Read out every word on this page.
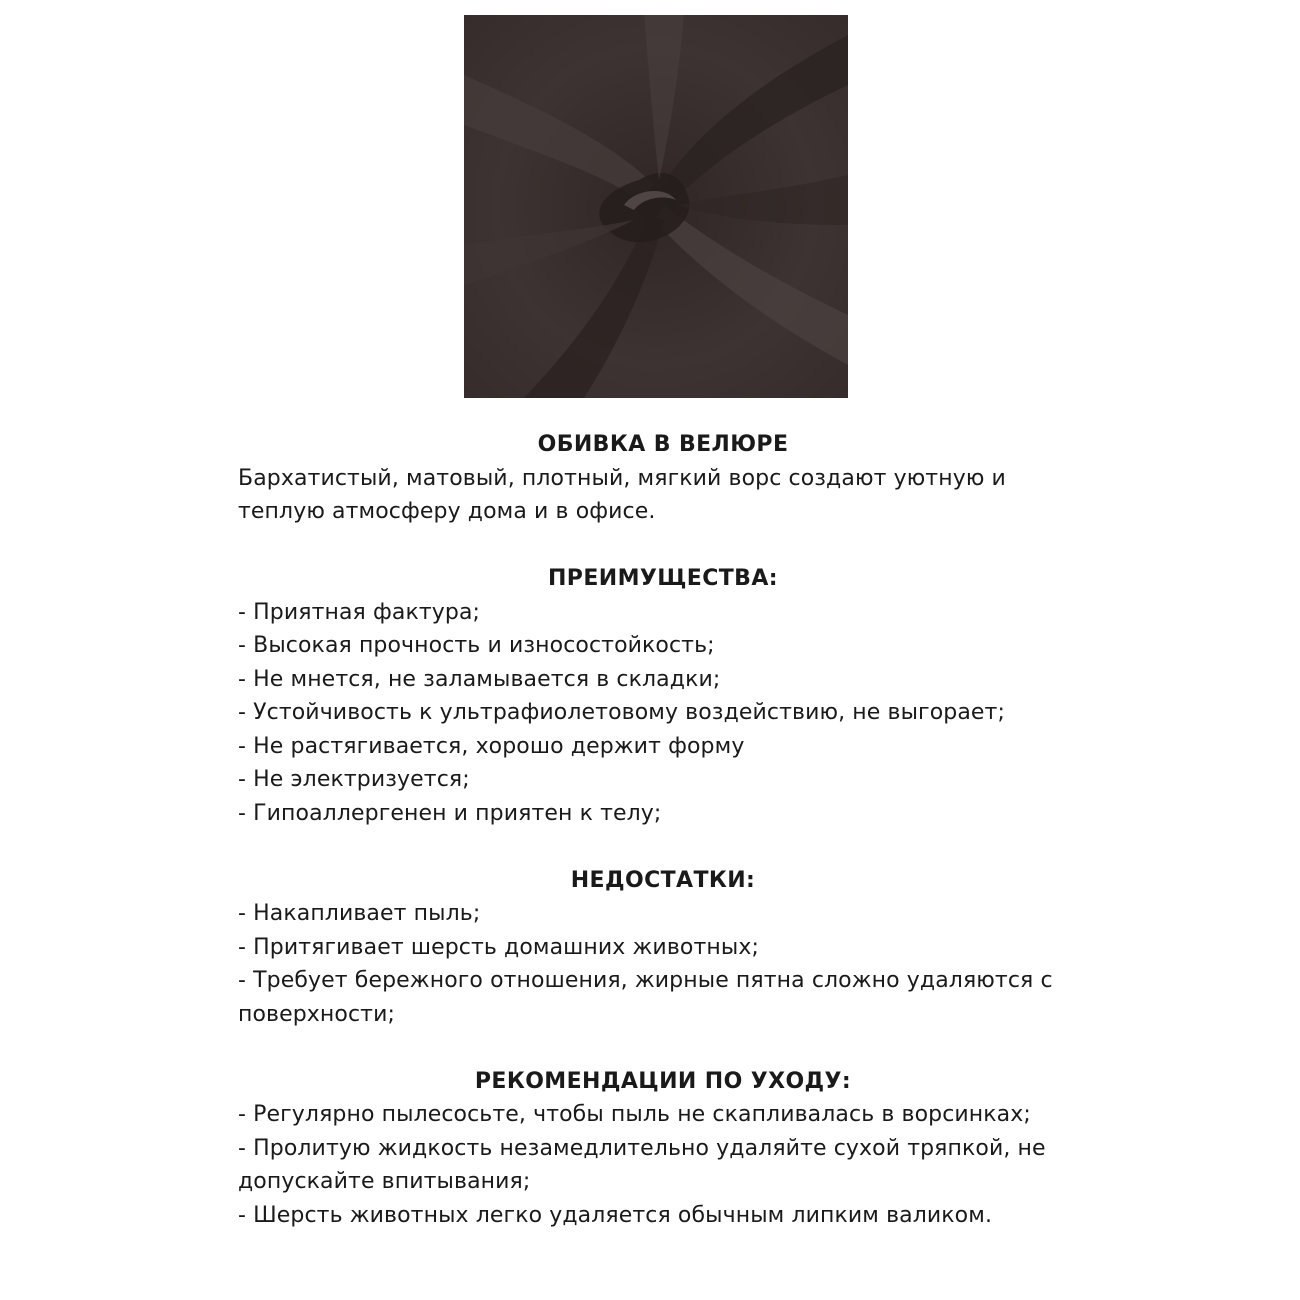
ОБИВКА В ВЕЛЮРЕ

Бархатистый, матовый, плотный, мягкий ворс создают уютную и теплую атмосферу дома и в офисе.

ПРЕИМУЩЕСТВА:

- Приятная фактура;
- Высокая прочность и износостойкость;
- Не мнется, не заламывается в складки;
- Устойчивость к ультрафиолетовому воздействию, не выгорает;
- Не растягивается, хорошо держит форму
- Не электризуется;
- Гипоаллергенен и приятен к телу;

НЕДОСТАТКИ:

- Накапливает пыль;
- Притягивает шерсть домашних животных;
- Требует бережного отношения, жирные пятна сложно удаляются с поверхности;

РЕКОМЕНДАЦИИ ПО УХОДУ:

- Регулярно пылесосьте, чтобы пыль не скапливалась в ворсинках;
- Пролитую жидкость незамедлительно удаляйте сухой тряпкой, не допускайте впитывания;
- Шерсть животных легко удаляется обычным липким валиком.
